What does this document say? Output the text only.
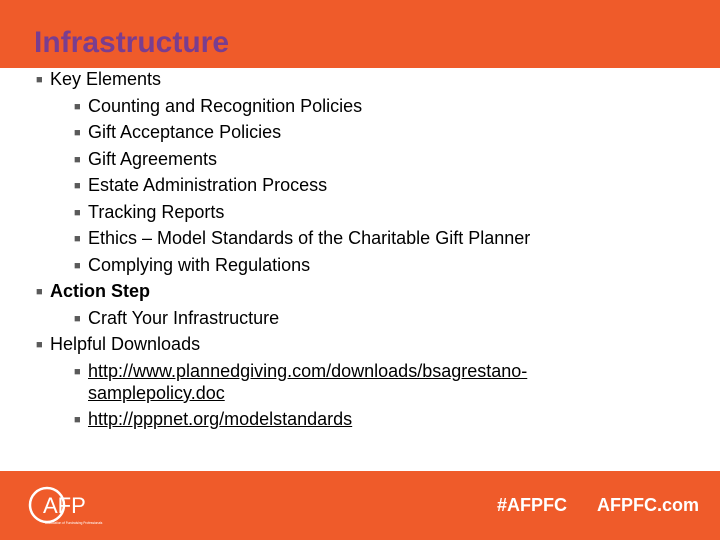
Infrastructure
■ Key Elements
■ Counting and Recognition Policies
■ Gift Acceptance Policies
■ Gift Agreements
■ Estate Administration Process
■ Tracking Reports
■ Ethics – Model Standards of the Charitable Gift Planner
■ Complying with Regulations
■ Action Step
■ Craft Your Infrastructure
■ Helpful Downloads
■ http://www.plannedgiving.com/downloads/bsagrestano-
samplepolicy.doc
■ http://pppnet.org/modelstandards
AFP
Association of Fundraising Professionals
#AFPFC AFPFC.com
